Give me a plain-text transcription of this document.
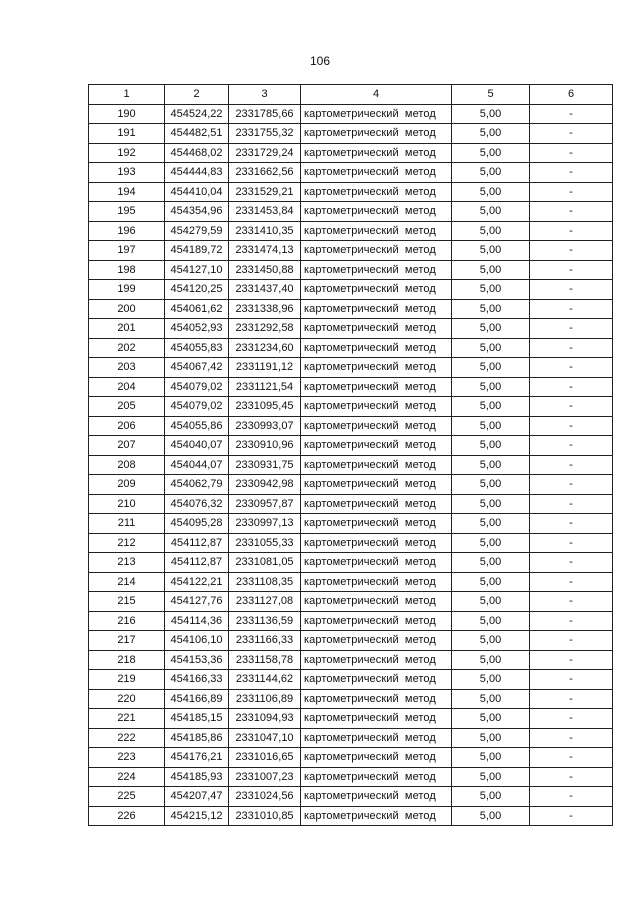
106
1	2	3	4	5	6
190	454524,22	2331785,66	картометрический метод	5,00	-
191	454482,51	2331755,32	картометрический метод	5,00	-
192	454468,02	2331729,24	картометрический метод	5,00	-
193	454444,83	2331662,56	картометрический метод	5,00	-
194	454410,04	2331529,21	картометрический метод	5,00	-
195	454354,96	2331453,84	картометрический метод	5,00	-
196	454279,59	2331410,35	картометрический метод	5,00	-
197	454189,72	2331474,13	картометрический метод	5,00	-
198	454127,10	2331450,88	картометрический метод	5,00	-
199	454120,25	2331437,40	картометрический метод	5,00	-
200	454061,62	2331338,96	картометрический метод	5,00	-
201	454052,93	2331292,58	картометрический метод	5,00	-
202	454055,83	2331234,60	картометрический метод	5,00	-
203	454067,42	2331191,12	картометрический метод	5,00	-
204	454079,02	2331121,54	картометрический метод	5,00	-
205	454079,02	2331095,45	картометрический метод	5,00	-
206	454055,86	2330993,07	картометрический метод	5,00	-
207	454040,07	2330910,96	картометрический метод	5,00	-
208	454044,07	2330931,75	картометрический метод	5,00	-
209	454062,79	2330942,98	картометрический метод	5,00	-
210	454076,32	2330957,87	картометрический метод	5,00	-
211	454095,28	2330997,13	картометрический метод	5,00	-
212	454112,87	2331055,33	картометрический метод	5,00	-
213	454112,87	2331081,05	картометрический метод	5,00	-
214	454122,21	2331108,35	картометрический метод	5,00	-
215	454127,76	2331127,08	картометрический метод	5,00	-
216	454114,36	2331136,59	картометрический метод	5,00	-
217	454106,10	2331166,33	картометрический метод	5,00	-
218	454153,36	2331158,78	картометрический метод	5,00	-
219	454166,33	2331144,62	картометрический метод	5,00	-
220	454166,89	2331106,89	картометрический метод	5,00	-
221	454185,15	2331094,93	картометрический метод	5,00	-
222	454185,86	2331047,10	картометрический метод	5,00	-
223	454176,21	2331016,65	картометрический метод	5,00	-
224	454185,93	2331007,23	картометрический метод	5,00	-
225	454207,47	2331024,56	картометрический метод	5,00	-
226	454215,12	2331010,85	картометрический метод	5,00	-
